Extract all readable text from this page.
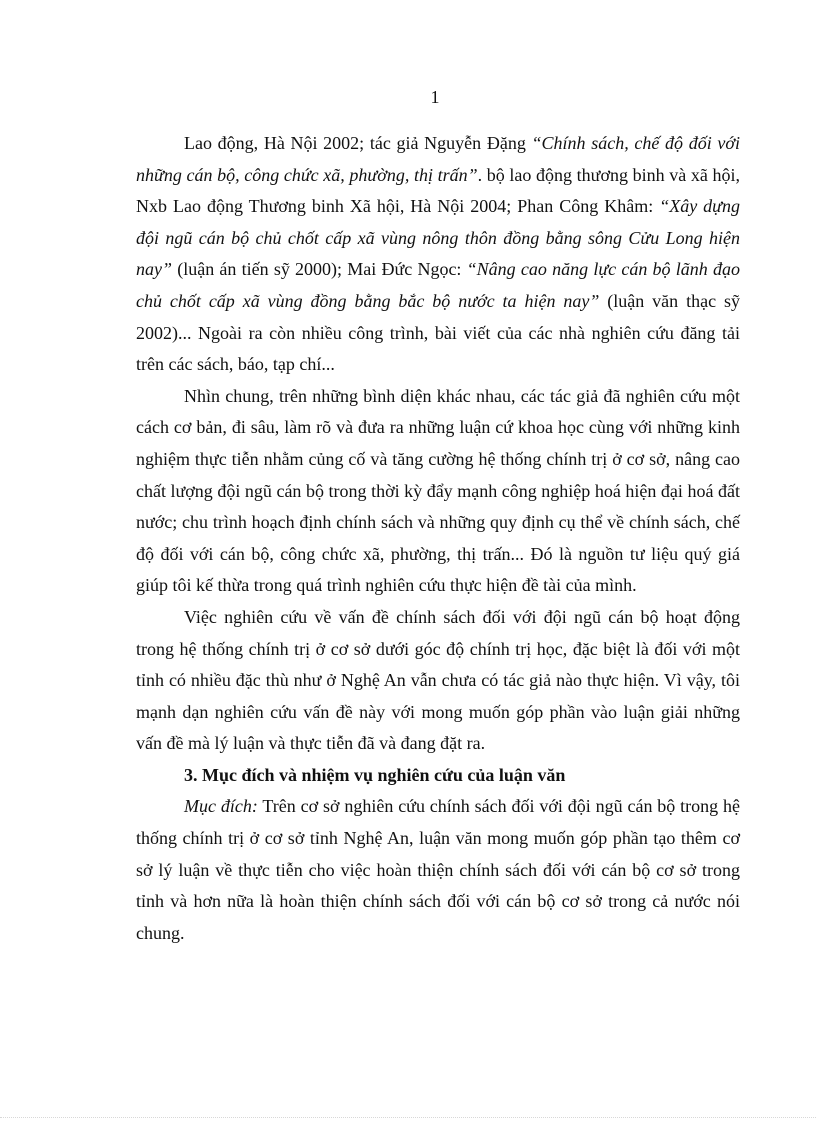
1

Lao động, Hà Nội 2002; tác giả Nguyễn Đặng “Chính sách, chế độ đối với những cán bộ, công chức xã, phường, thị trấn”. bộ lao động thương binh và xã hội, Nxb Lao động Thương binh Xã hội, Hà Nội 2004; Phan Công Khâm: “Xây dựng đội ngũ cán bộ chủ chốt cấp xã vùng nông thôn đồng bằng sông Cửu Long hiện nay” (luận án tiến sỹ 2000); Mai Đức Ngọc: “Nâng cao năng lực cán bộ lãnh đạo chủ chốt cấp xã vùng đồng bằng bắc bộ nước ta hiện nay” (luận văn thạc sỹ 2002)... Ngoài ra còn nhiều công trình, bài viết của các nhà nghiên cứu đăng tải trên các sách, báo, tạp chí...

Nhìn chung, trên những bình diện khác nhau, các tác giả đã nghiên cứu một cách cơ bản, đi sâu, làm rõ và đưa ra những luận cứ khoa học cùng với những kinh nghiệm thực tiễn nhằm củng cố và tăng cường hệ thống chính trị ở cơ sở, nâng cao chất lượng đội ngũ cán bộ trong thời kỳ đẩy mạnh công nghiệp hoá hiện đại hoá đất nước; chu trình hoạch định chính sách và những quy định cụ thể về chính sách, chế độ đối với cán bộ, công chức xã, phường, thị trấn... Đó là nguồn tư liệu quý giá giúp tôi kế thừa trong quá trình nghiên cứu thực hiện đề tài của mình.

Việc nghiên cứu về vấn đề chính sách đối với đội ngũ cán bộ hoạt động trong hệ thống chính trị ở cơ sở dưới góc độ chính trị học, đặc biệt là đối với một tỉnh có nhiều đặc thù như ở Nghệ An vẫn chưa có tác giả nào thực hiện. Vì vậy, tôi mạnh dạn nghiên cứu vấn đề này với mong muốn góp phần vào luận giải những vấn đề mà lý luận và thực tiễn đã và đang đặt ra.

3. Mục đích và nhiệm vụ nghiên cứu của luận văn

Mục đích: Trên cơ sở nghiên cứu chính sách đối với đội ngũ cán bộ trong hệ thống chính trị ở cơ sở tỉnh Nghệ An, luận văn mong muốn góp phần tạo thêm cơ sở lý luận về thực tiễn cho việc hoàn thiện chính sách đối với cán bộ cơ sở trong tỉnh và hơn nữa là hoàn thiện chính sách đối với cán bộ cơ sở trong cả nước nói chung.
